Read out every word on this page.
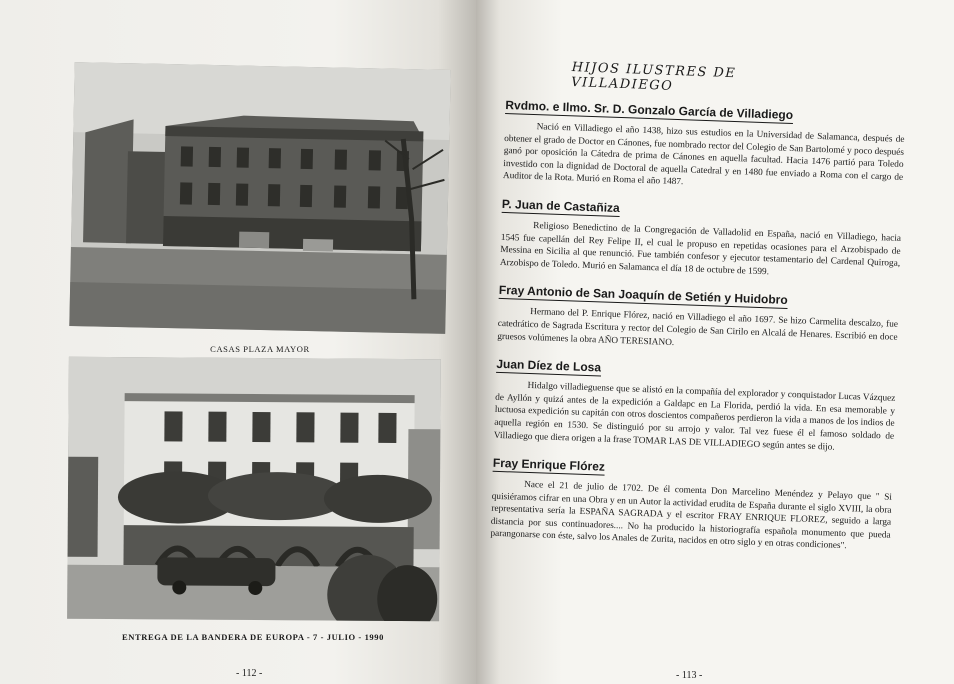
CASAS PLAZA MAYOR
ENTREGA DE LA BANDERA DE EUROPA - 7 - JULIO - 1990
- 112 -
HIJOS ILUSTRES DE VILLADIEGO
Rvdmo. e Ilmo. Sr. D. Gonzalo García de Villadiego

Nació en Villadiego el año 1438, hizo sus estudios en la Universidad de Salamanca, después de obtener el grado de Doctor en Cánones, fue nombrado rector del Colegio de San Bartolomé y poco después ganó por oposición la Cátedra de prima de Cánones en aquella facultad. Hacia 1476 partió para Toledo investido con la dignidad de Doctoral de aquella Catedral y en 1480 fue enviado a Roma con el cargo de Auditor de la Rota. Murió en Roma el año 1487.

P. Juan de Castañiza

Religioso Benedictino de la Congregación de Valladolid en España, nació en Villadiego, hacia 1545 fue capellán del Rey Felipe II, el cual le propuso en repetidas ocasiones para el Arzobispado de Messina en Sicilia al que renunció. Fue también confesor y ejecutor testamentario del Cardenal Quiroga, Arzobispo de Toledo. Murió en Salamanca el día 18 de octubre de 1599.

Fray Antonio de San Joaquín de Setién y Huidobro

Hermano del P. Enrique Flórez, nació en Villadiego el año 1697. Se hizo Carmelita descalzo, fue catedrático de Sagrada Escritura y rector del Colegio de San Cirilo en Alcalá de Henares. Escribió en doce gruesos volúmenes la obra AÑO TERESIANO.

Juan Díez de Losa

Hidalgo villadieguense que se alistó en la compañía del explorador y conquistador Lucas Vázquez de Ayllón y quizá antes de la expedición a Galdapc en La Florida, perdió la vida. En esa memorable y luctuosa expedición su capitán con otros doscientos compañeros perdieron la vida a manos de los indios de aquella región en 1530. Se distinguió por su arrojo y valor. Tal vez fuese él el famoso soldado de Villadiego que diera origen a la frase TOMAR LAS DE VILLADIEGO según antes se dijo.

Fray Enrique Flórez

Nace el 21 de julio de 1702. De él comenta Don Marcelino Menéndez y Pelayo que " Si quisiéramos cifrar en una Obra y en un Autor la actividad erudita de España durante el siglo XVIII, la obra representativa sería la ESPAÑA SAGRADA y el escritor FRAY ENRIQUE FLOREZ, seguido a larga distancia por sus continuadores.... No ha producido la historiografía española monumento que pueda parangonarse con éste, salvo los Anales de Zurita, nacidos en otro siglo y en otras condiciones".

- 113 -
